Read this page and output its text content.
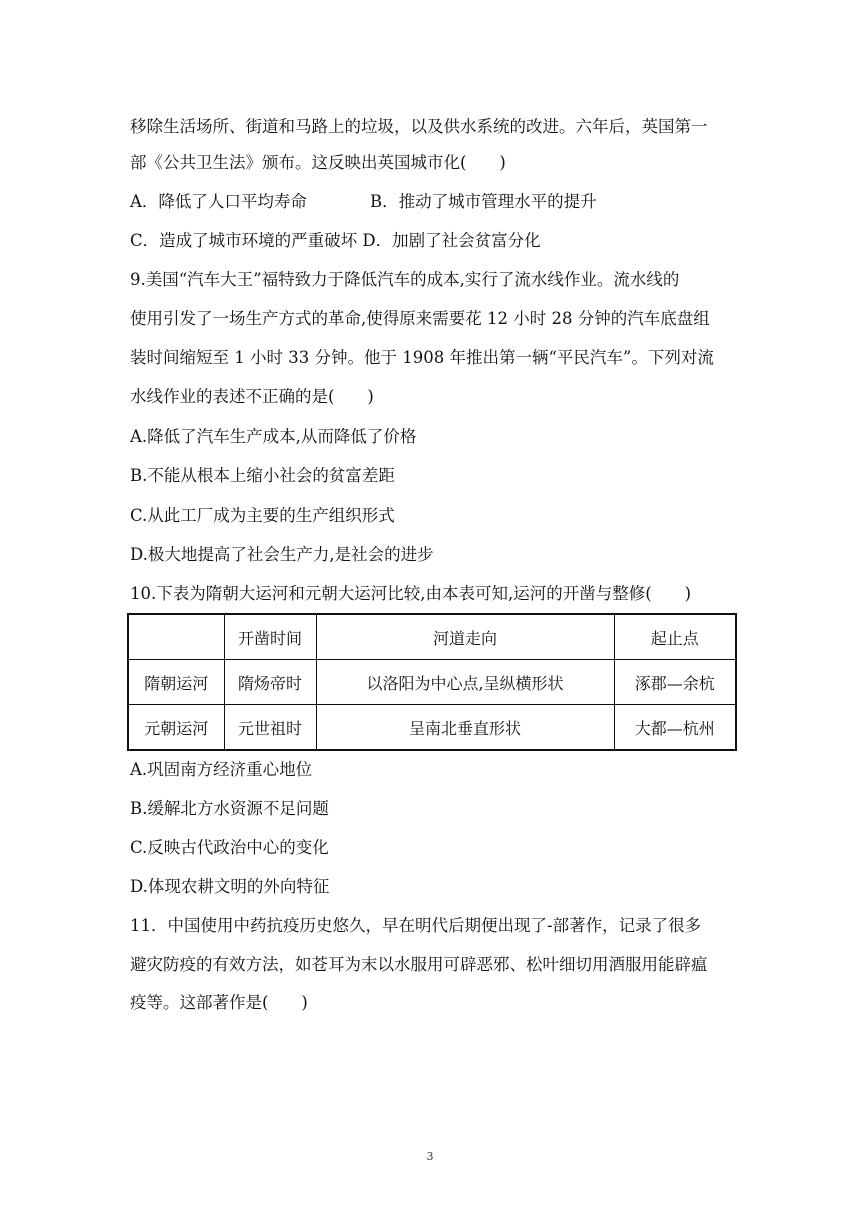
移除生活场所、街道和马路上的垃圾，以及供水系统的改进。六年后，英国第一
部《公共卫生法》颁布。这反映出英国城市化(　　)
A．降低了人口平均寿命	B．推动了城市管理水平的提升
C．造成了城市环境的严重破坏 D．加剧了社会贫富分化
9.美国“汽车大王”福特致力于降低汽车的成本,实行了流水线作业。流水线的
使用引发了一场生产方式的革命,使得原来需要花 12 小时 28 分钟的汽车底盘组
装时间缩短至 1 小时 33 分钟。他于 1908 年推出第一辆“平民汽车”。下列对流
水线作业的表述不正确的是(　　)
A.降低了汽车生产成本,从而降低了价格
B.不能从根本上缩小社会的贫富差距
C.从此工厂成为主要的生产组织形式
D.极大地提高了社会生产力,是社会的进步
10.下表为隋朝大运河和元朝大运河比较,由本表可知,运河的开凿与整修(　　)
	开凿时间	河道走向	起止点
隋朝运河	隋炀帝时	以洛阳为中心点,呈纵横形状	涿郡—余杭
元朝运河	元世祖时	呈南北垂直形状	大都—杭州
A.巩固南方经济重心地位
B.缓解北方水资源不足问题
C.反映古代政治中心的变化
D.体现农耕文明的外向特征
11．中国使用中药抗疫历史悠久，早在明代后期便出现了-部著作，记录了很多
避灾防疫的有效方法，如苍耳为末以水服用可辟恶邪、松叶细切用酒服用能辟瘟
疫等。这部著作是(　　)
3
